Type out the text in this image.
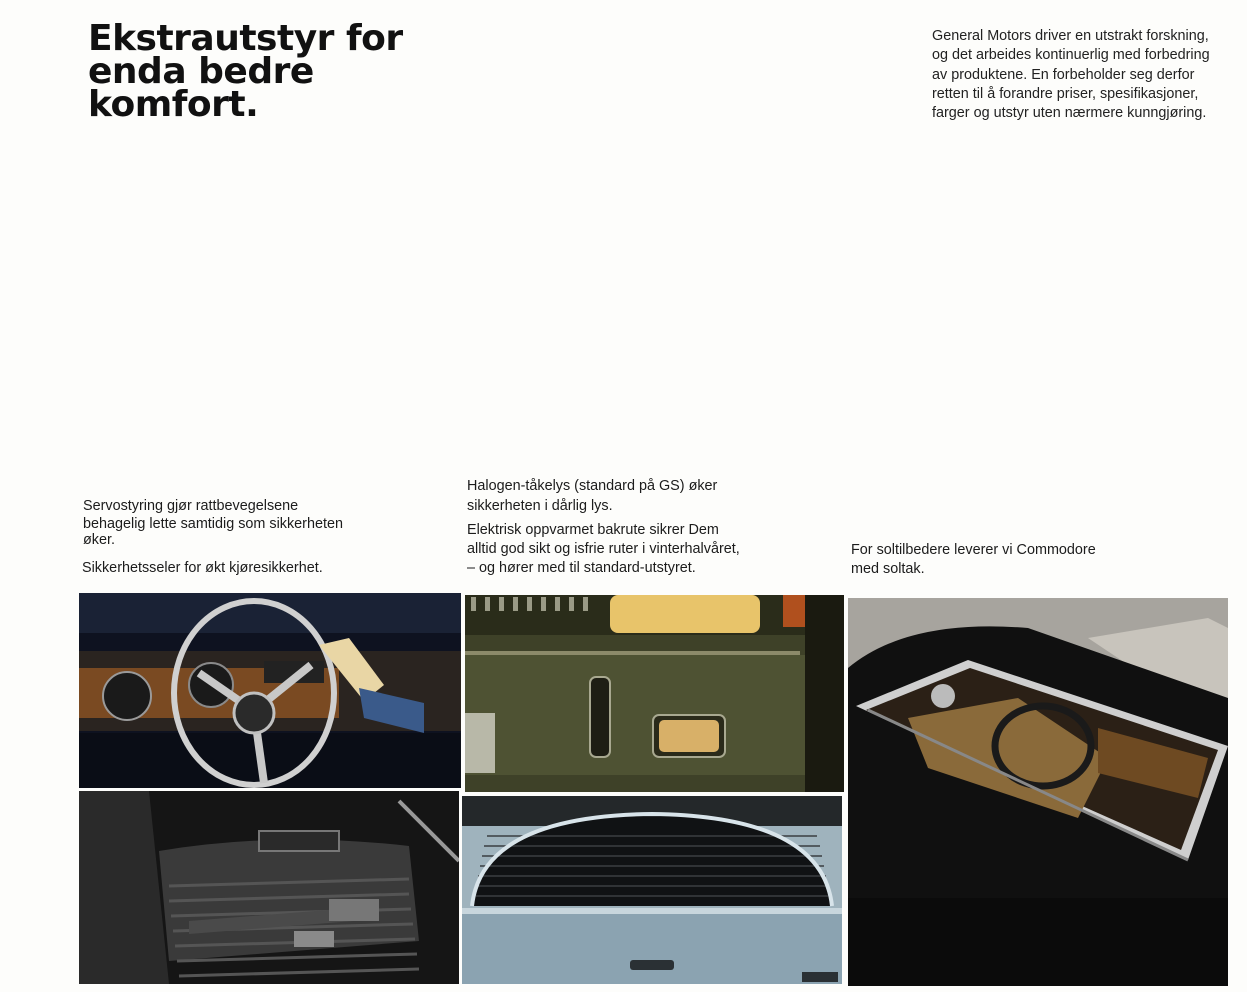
Ekstrautstyr for
enda bedre
komfort.
General Motors driver en utstrakt forskning,
og det arbeides kontinuerlig med forbedring
av produktene. En forbeholder seg derfor
retten til å forandre priser, spesifikasjoner,
farger og utstyr uten nærmere kunngjøring.
Servostyring gjør rattbevegelsene
behagelig lette samtidig som sikkerheten
øker.
Sikkerhetsseler for økt kjøresikkerhet.
Halogen-tåkelys (standard på GS) øker
sikkerheten i dårlig lys.
Elektrisk oppvarmet bakrute sikrer Dem
alltid god sikt og isfrie ruter i vinterhalvåret,
– og hører med til standard-utstyret.
For soltilbedere leverer vi Commodore
med soltak.
